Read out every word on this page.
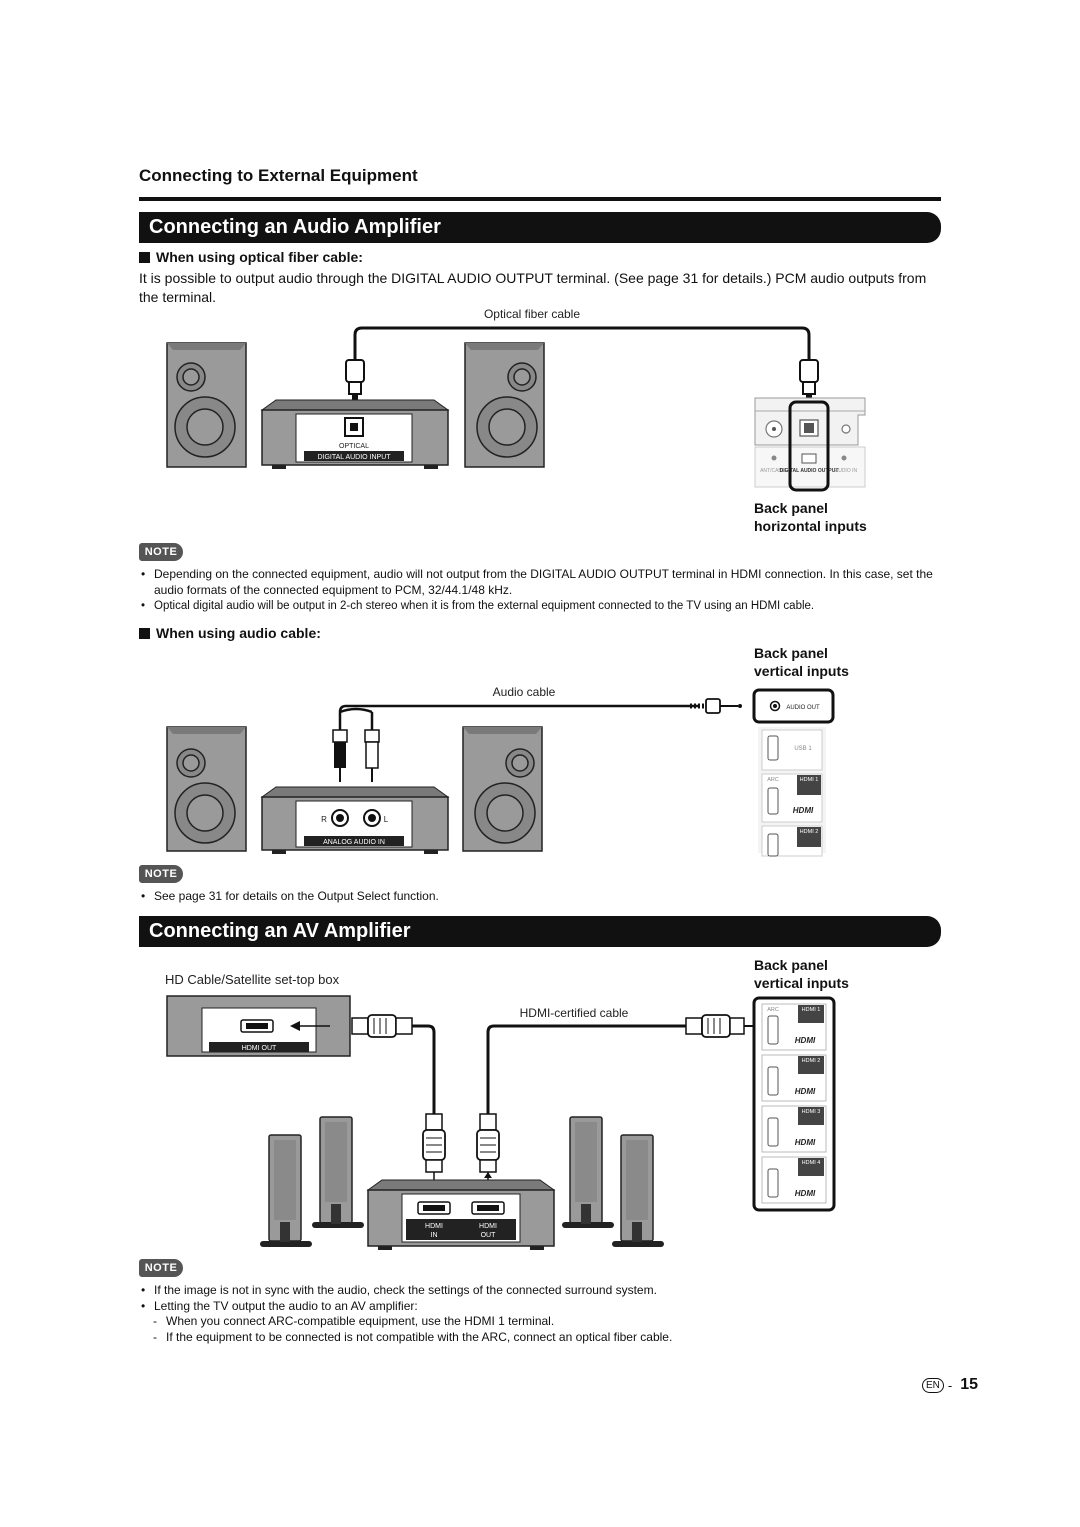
Connecting to External Equipment
Connecting an Audio Amplifier
When using optical fiber cable:
It is possible to output audio through the DIGITAL AUDIO OUTPUT terminal. (See page 31 for details.) PCM audio outputs from the terminal.
Optical fiber cable
OPTICAL
DIGITAL AUDIO INPUT
ANT/CABLE
DIGITAL AUDIO OUTPUT
AUDIO IN
Back panel
horizontal inputs
NOTE
• Depending on the connected equipment, audio will not output from the DIGITAL AUDIO OUTPUT terminal in HDMI connection. In this case, set the audio formats of the connected equipment to PCM, 32/44.1/48 kHz.
• Optical digital audio will be output in 2-ch stereo when it is from the external equipment connected to the TV using an HDMI cable.
When using audio cable:
Back panel
vertical inputs
Audio cable
R	L
ANALOG AUDIO IN
USB 1
ARC	HDMI 1
HDMI
HDMI 2
AUDIO OUT
NOTE
• See page 31 for details on the Output Select function.
Connecting an AV Amplifier
HD Cable/Satellite set-top box
Back panel
vertical inputs
HDMI-certified cable
HDMI OUT
HDMI
IN
HDMI
OUT
ARC	HDMI 1
HDMI
HDMI 2
HDMI
HDMI 3
HDMI
HDMI 4
HDMI
NOTE
• If the image is not in sync with the audio, check the settings of the connected surround system.
• Letting the TV output the audio to an AV amplifier:
- When you connect ARC-compatible equipment, use the HDMI 1 terminal.
- If the equipment to be connected is not compatible with the ARC, connect an optical fiber cable.
EN - 15
